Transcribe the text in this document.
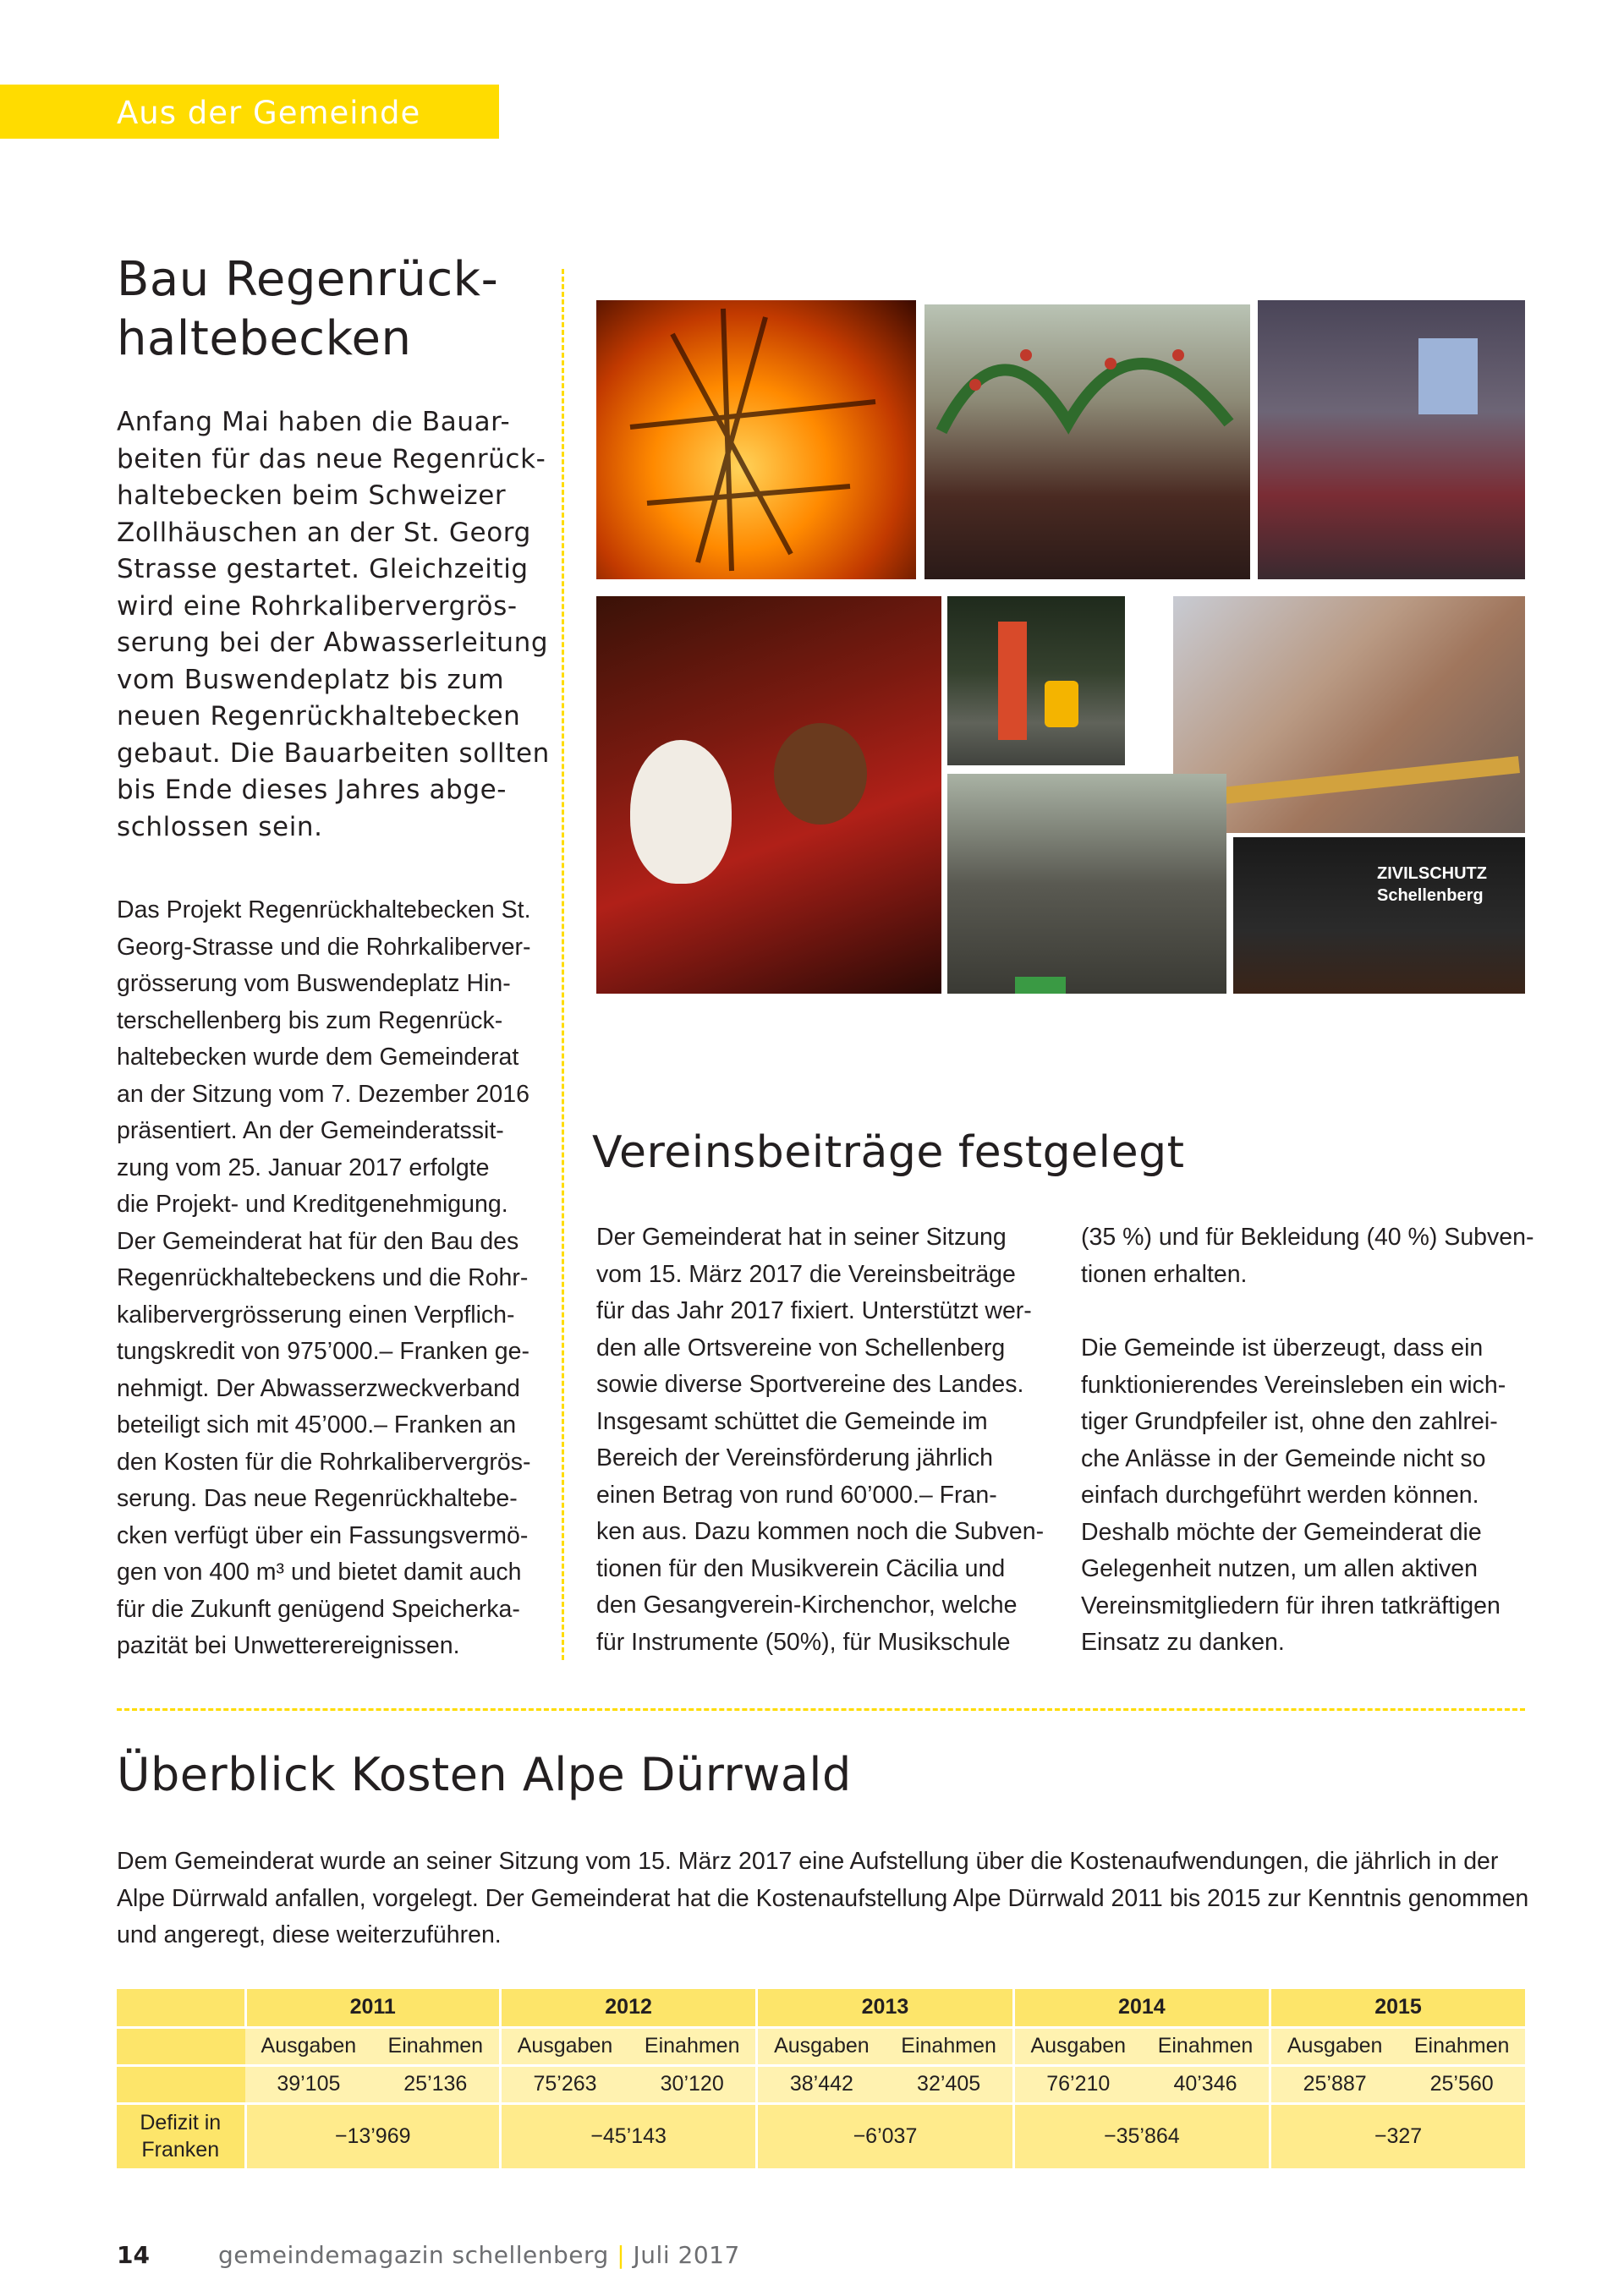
Aus der Gemeinde
Bau Regenrück-
haltebecken
Anfang Mai haben die Bauar-
beiten für das neue Regenrück-
haltebecken beim Schweizer
Zollhäuschen an der St. Georg
Strasse gestartet. Gleichzeitig
wird eine Rohrkalibervergrös-
serung bei der Abwasserleitung
vom Buswendeplatz bis zum
neuen Regenrückhaltebecken
gebaut. Die Bauarbeiten sollten
bis Ende dieses Jahres abge-
schlossen sein.
Das Projekt Regenrückhaltebecken St.
Georg-Strasse und die Rohrkaliberver-
grösserung vom Buswendeplatz Hin-
terschellenberg bis zum Regenrück-
haltebecken wurde dem Gemeinderat
an der Sitzung vom 7. Dezember 2016
präsentiert. An der Gemeinderatssit-
zung vom 25. Januar 2017 erfolgte
die Projekt- und Kreditgenehmigung.
Der Gemeinderat hat für den Bau des
Regenrückhaltebeckens und die Rohr-
kalibervergrösserung einen Verpflich-
tungskredit von 975’000.– Franken ge-
nehmigt. Der Abwasserzweckverband
beteiligt sich mit 45’000.– Franken an
den Kosten für die Rohrkalibervergrös-
serung. Das neue Regenrückhaltebe-
cken verfügt über ein Fassungsvermö-
gen von 400 m³ und bietet damit auch
für die Zukunft genügend Speicherka-
pazität bei Unwetterereignissen.
ZIVILSCHUTZ
Schellenberg
Vereinsbeiträge festgelegt
Der Gemeinderat hat in seiner Sitzung
vom 15. März 2017 die Vereinsbeiträge
für das Jahr 2017 fixiert. Unterstützt wer-
den alle Ortsvereine von Schellenberg
sowie diverse Sportvereine des Landes.
Insgesamt schüttet die Gemeinde im
Bereich der Vereinsförderung jährlich
einen Betrag von rund 60’000.– Fran-
ken aus. Dazu kommen noch die Subven-
tionen für den Musikverein Cäcilia und
den Gesangverein-Kirchenchor, welche
für Instrumente (50%), für Musikschule
(35 %) und für Bekleidung (40 %) Subven-
tionen erhalten.
Die Gemeinde ist überzeugt, dass ein
funktionierendes Vereinsleben ein wich-
tiger Grundpfeiler ist, ohne den zahlrei-
che Anlässe in der Gemeinde nicht so
einfach durchgeführt werden können.
Deshalb möchte der Gemeinderat die
Gelegenheit nutzen, um allen aktiven
Vereinsmitgliedern für ihren tatkräftigen
Einsatz zu danken.
Überblick Kosten Alpe Dürrwald
Dem Gemeinderat wurde an seiner Sitzung vom 15. März 2017 eine Aufstellung über die Kostenaufwendungen, die jährlich in der
Alpe Dürrwald anfallen, vorgelegt. Der Gemeinderat hat die Kostenaufstellung Alpe Dürrwald 2011 bis 2015 zur Kenntnis genommen
und angeregt, diese weiterzuführen.
	2011		2012		2013		2014		2015	
	Ausgaben	Einahmen	Ausgaben	Einahmen	Ausgaben	Einahmen	Ausgaben	Einahmen	Ausgaben	Einahmen
	39’105	25’136	75’263	30’120	38’442	32’405	76’210	40’346	25’887	25’560

Defizit in
Franken	−13’969		−45’143		−6’037		−35’864		−327	
14	gemeindemagazin schellenberg | Juli 2017
